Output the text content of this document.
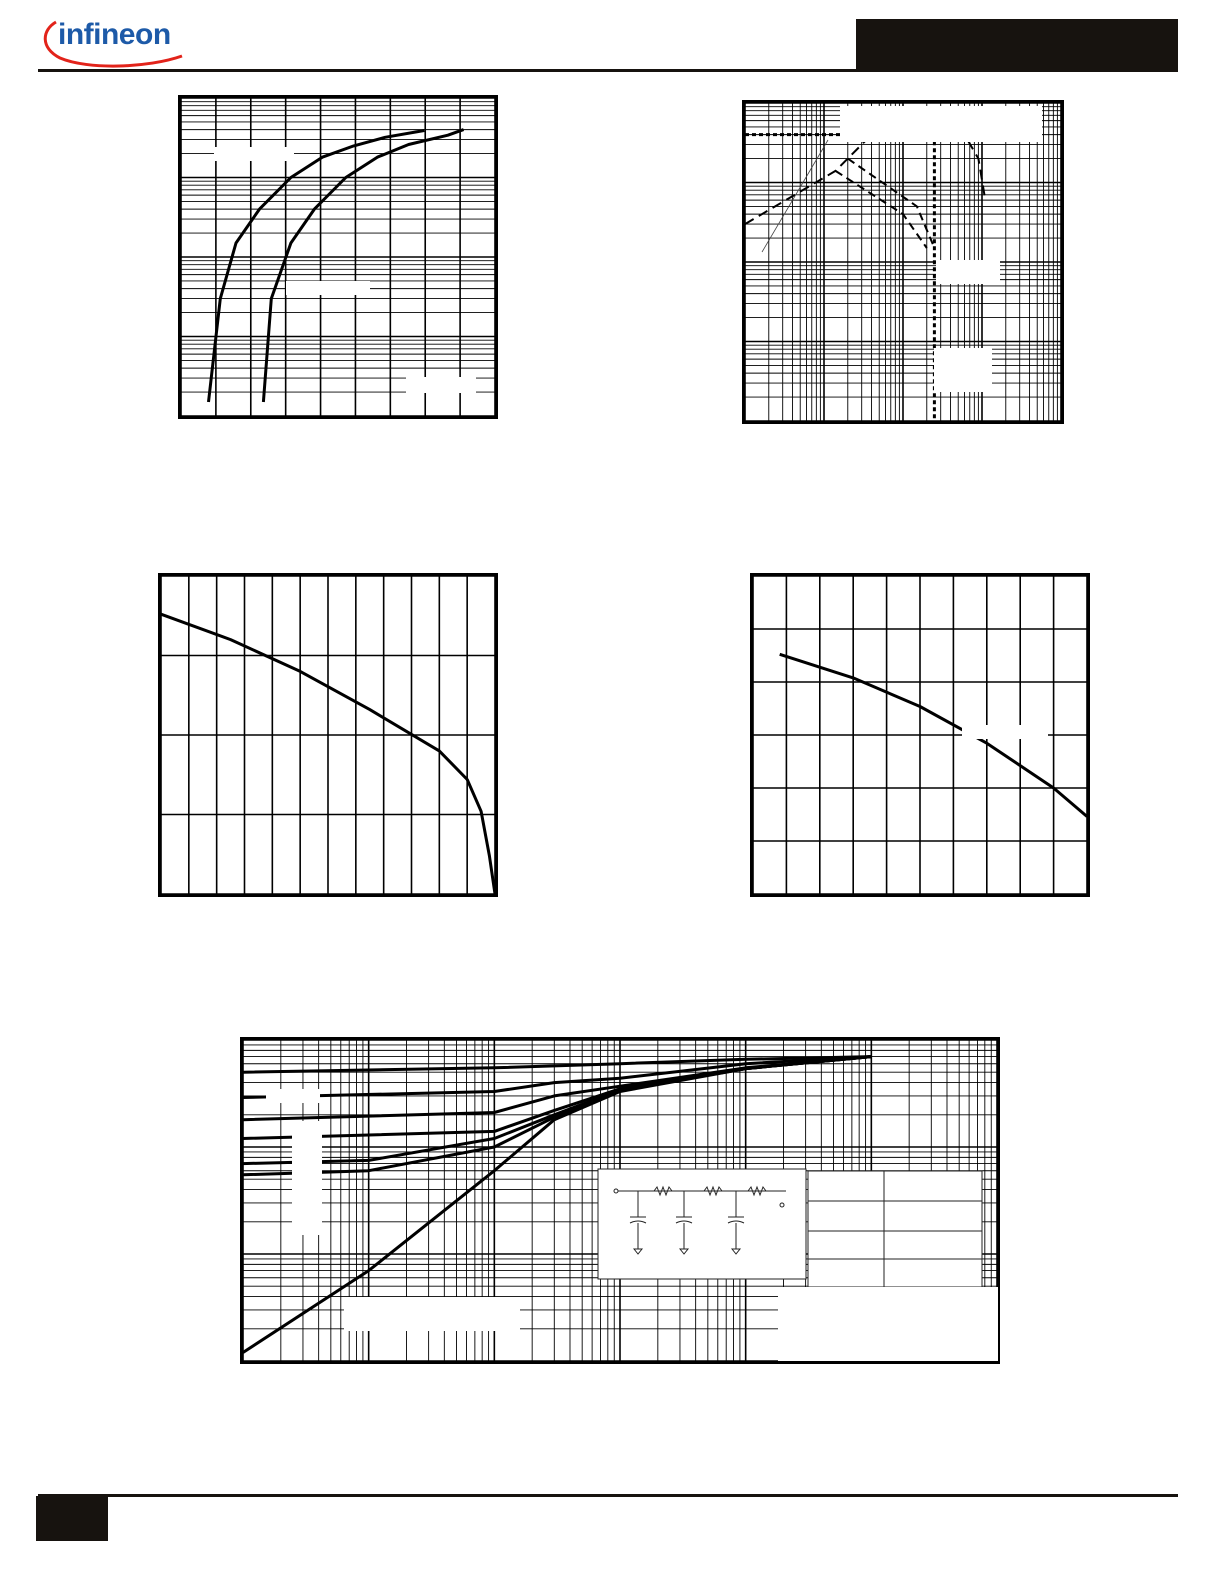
infineon
